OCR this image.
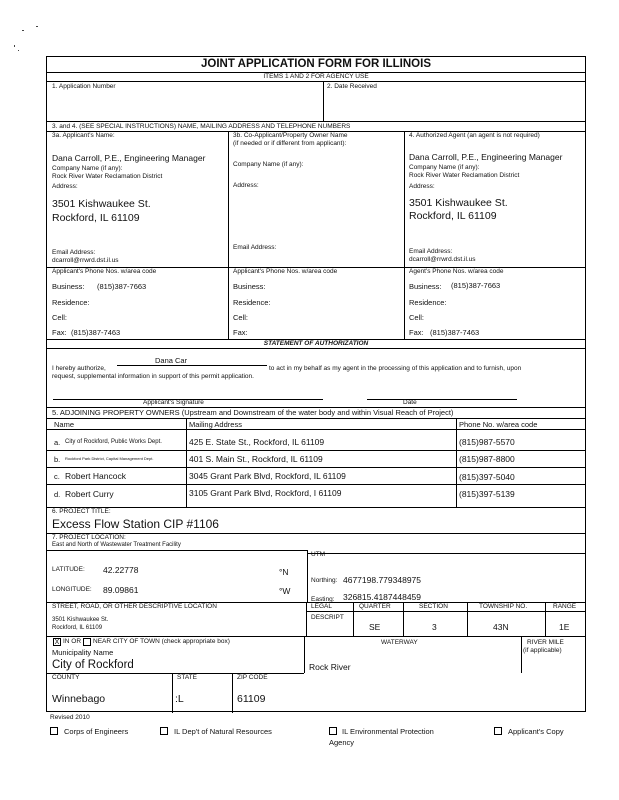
JOINT APPLICATION FORM FOR ILLINOIS
ITEMS 1 AND 2 FOR AGENCY USE
1. Application Number	2. Date Received
3. and 4. (SEE SPECIAL INSTRUCTIONS) NAME, MAILING ADDRESS AND TELEPHONE NUMBERS
3a. Applicant's Name:
Dana Carroll, P.E., Engineering Manager
Company Name (if any):
Rock River Water Reclamation District
Address:
3501 Kishwaukee St.
Rockford, IL 61109
Email Address:
dcarroll@rrwrd.dst.il.us
3b. Co-Applicant/Property Owner Name
(if needed or if different from applicant):
Company Name (if any):
Address:
Email Address:
4. Authorized Agent (an agent is not required)
Dana Carroll, P.E., Engineering Manager
Company Name (if any):
Rock River Water Reclamation District
Address:
3501 Kishwaukee St.
Rockford, IL 61109
Email Address:
dcarroll@rrwrd.dst.il.us
Applicant's Phone Nos. w/area code	Applicant's Phone Nos. w/area code	Agent's Phone Nos. w/area code
Business: (815)387-7663
Residence:
Cell:
Fax: (815)387-7463
Business:
Residence:
Cell:
Fax:
Business: (815)387-7663
Residence:
Cell:
Fax: (815)387-7463
STATEMENT OF AUTHORIZATION
I hereby authorize,
Dana Car
to act in my behalf as my agent in the processing of this application and to furnish, upon
request, supplemental information in support of this permit application.
Applicant's Signature	Date
5. ADJOINING PROPERTY OWNERS (Upstream and Downstream of the water body and within Visual Reach of Project)
Name	Mailing Address	Phone No. w/area code
a. City of Rockford, Public Works Dept.	425 E. State St., Rockford, IL 61109	(815)987-5570
b. Rockford Park District, Capital Management Dept.	401 S. Main St., Rockford, IL 61109	(815)987-8800
c. Robert Hancock	3045 Grant Park Blvd, Rockford, IL 61109	(815)397-5040
d. Robert Curry	3105 Grant Park Blvd, Rockford, I 61109	(815)397-5139
6. PROJECT TITLE:
Excess Flow Station CIP #1106
7. PROJECT LOCATION:
East and North of Wastewater Treatment Facility
UTM
LATITUDE: 42.22778	°N
LONGITUDE: 89.09861	°W
Northing: 4677198.779348975
Easting: 326815.4187448459
STREET, ROAD, OR OTHER DESCRIPTIVE LOCATION
3501 Kishwaukee St.
Rockford, IL 61109
LEGAL
DESCRIPT
QUARTER
SE
SECTION
3
TOWNSHIP NO.
43N
RANGE
1E
X IN OR NEAR CITY OF TOWN (check appropriate box)
Municipality Name
City of Rockford
WATERWAY
Rock River
RIVER MILE
(if applicable)
COUNTY
Winnebago
STATE
:L
ZIP CODE
61109
Revised 2010
Corps of Engineers	IL Dep't of Natural Resources	IL Environmental Protection
Agency
Applicant's Copy
